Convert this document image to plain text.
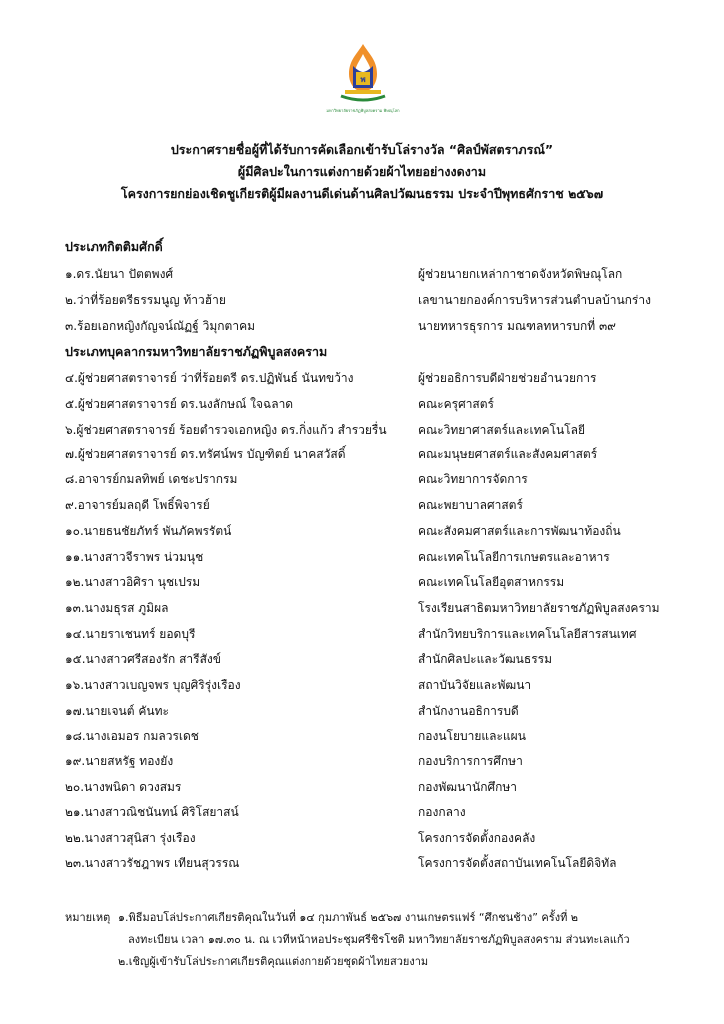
พ
มหาวิทยาลัยราชภัฏพิบูลสงคราม พิษณุโลก
ประกาศรายชื่อผู้ที่ได้รับการคัดเลือกเข้ารับโล่รางวัล “ศิลป์พัสตราภรณ์”
ผู้มีศิลปะในการแต่งกายด้วยผ้าไทยอย่างงดงาม
โครงการยกย่องเชิดชูเกียรติผู้มีผลงานดีเด่นด้านศิลปวัฒนธรรม ประจำปีพุทธศักราช ๒๕๖๗
ประเภทกิตติมศักดิ์
๑.ดร.นัยนา ปัตตพงศ์	ผู้ช่วยนายกเหล่ากาชาดจังหวัดพิษณุโลก
๒.ว่าที่ร้อยตรีธรรมนูญ ท้าวฮ้าย	เลขานายกองค์การบริหารส่วนตำบลบ้านกร่าง
๓.ร้อยเอกหญิงกัญจน์ณัฏฐ์ วิมุกตาคม	นายทหารธุรการ มณฑลทหารบกที่ ๓๙
ประเภทบุคลากรมหาวิทยาลัยราชภัฏพิบูลสงคราม
๔.ผู้ช่วยศาสตราจารย์ ว่าที่ร้อยตรี ดร.ปฏิพันธ์ นันทขว้าง	ผู้ช่วยอธิการบดีฝ่ายช่วยอำนวยการ
๕.ผู้ช่วยศาสตราจารย์ ดร.นงลักษณ์ ใจฉลาด	คณะครุศาสตร์
๖.ผู้ช่วยศาสตราจารย์ ร้อยตำรวจเอกหญิง ดร.กิ่งแก้ว สำรวยรื่น	คณะวิทยาศาสตร์และเทคโนโลยี
๗.ผู้ช่วยศาสตราจารย์ ดร.ทรัศน์พร บัญฑิตย์ นาคสวัสดิ์	คณะมนุษยศาสตร์และสังคมศาสตร์
๘.อาจารย์กมลทิพย์ เดชะปรากรม	คณะวิทยาการจัดการ
๙.อาจารย์มลฤดี โพธิ์พิจารย์	คณะพยาบาลศาสตร์
๑๐.นายธนชัยภัทร์ พันภัคพรรัตน์	คณะสังคมศาสตร์และการพัฒนาท้องถิ่น
๑๑.นางสาวจีราพร น่วมนุช	คณะเทคโนโลยีการเกษตรและอาหาร
๑๒.นางสาวอิศิรา นุชเปรม	คณะเทคโนโลยีอุตสาหกรรม
๑๓.นางมธุรส ภูมิผล	โรงเรียนสาธิตมหาวิทยาลัยราชภัฏพิบูลสงคราม
๑๔.นายราเชนทร์ ยอดบุรี	สำนักวิทยบริการและเทคโนโลยีสารสนเทศ
๑๕.นางสาวศรีสองรัก สารีสังข์	สำนักศิลปะและวัฒนธรรม
๑๖.นางสาวเบญจพร บุญศิริรุ่งเรือง	สถาบันวิจัยและพัฒนา
๑๗.นายเจนต์ คันทะ	สำนักงานอธิการบดี
๑๘.นางเอมอร กมลวรเดช	กองนโยบายและแผน
๑๙.นายสหรัฐ ทองยัง	กองบริการการศึกษา
๒๐.นางพนิดา ดวงสมร	กองพัฒนานักศึกษา
๒๑.นางสาวณิชนันทน์ ศิริโสยาสน์	กองกลาง
๒๒.นางสาวสุนิสา รุ่งเรือง	โครงการจัดตั้งกองคลัง
๒๓.นางสาวรัชฎาพร เทียนสุวรรณ	โครงการจัดตั้งสถาบันเทคโนโลยีดิจิทัล
หมายเหตุ ๑.พิธีมอบโล่ประกาศเกียรติคุณในวันที่ ๑๔ กุมภาพันธ์ ๒๕๖๗ งานเกษตรแฟร์ “ศึกชนช้าง” ครั้งที่ ๒
ลงทะเบียน เวลา ๑๗.๓๐ น. ณ เวทีหน้าหอประชุมศรีชิรโชติ มหาวิทยาลัยราชภัฏพิบูลสงคราม ส่วนทะเลแก้ว
๒.เชิญผู้เข้ารับโล่ประกาศเกียรติคุณแต่งกายด้วยชุดผ้าไทยสวยงาม
